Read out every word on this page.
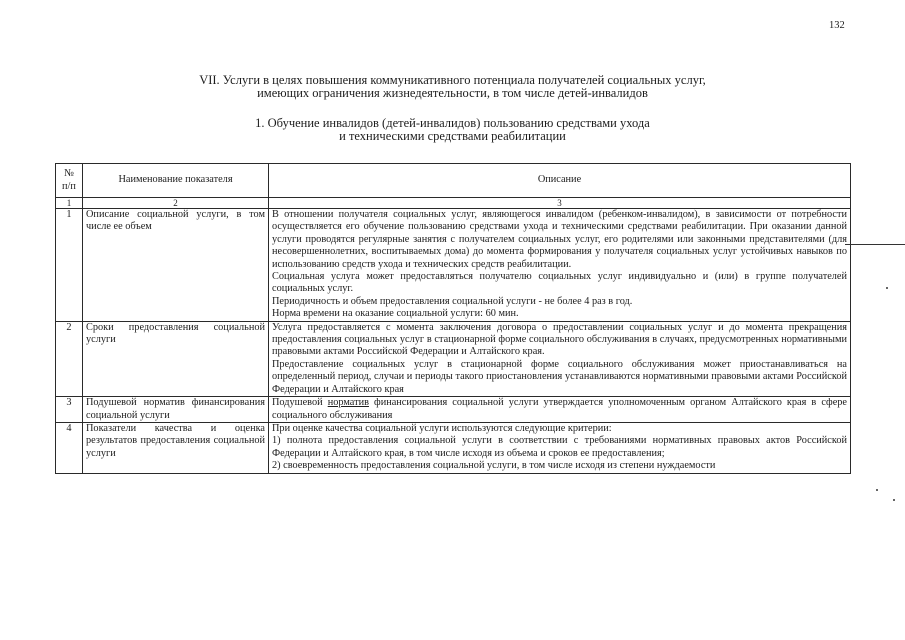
132
VII. Услуги в целях повышения коммуникативного потенциала получателей социальных услуг,
имеющих ограничения жизнедеятельности, в том числе детей-инвалидов
1. Обучение инвалидов (детей-инвалидов) пользованию средствами ухода
и техническими средствами реабилитации
№ п/п	Наименование показателя	Описание
1	2	3
1	Описание социальной услуги, в том числе ее объем	В отношении получателя социальных услуг, являющегося инвалидом (ребенком-инвалидом), в зависимости от потребности осуществляется его обучение пользованию средствами ухода и техническими средствами реабилитации. При оказании данной услуги проводятся регулярные занятия с получателем социальных услуг, его родителями или законными представителями (для несовершеннолетних, воспитываемых дома) до момента формирования у получателя социальных услуг устойчивых навыков по использованию средств ухода и технических средств реабилитации.

Социальная услуга может предоставляться получателю социальных услуг индивидуально и (или) в группе получателей социальных услуг.

Периодичность и объем предоставления социальной услуги - не более 4 раз в год.

Норма времени на оказание социальной услуги: 60 мин.

2	Сроки предоставления социальной услуги	Услуга предоставляется с момента заключения договора о предоставлении социальных услуг и до момента прекращения предоставления социальных услуг в стационарной форме социального обслуживания в случаях, предусмотренных нормативными правовыми актами Российской Федерации и Алтайского края.

Предоставление социальных услуг в стационарной форме социального обслуживания может приостанавливаться на определенный период, случаи и периоды такого приостановления устанавливаются нормативными правовыми актами Российской Федерации и Алтайского края

3	Подушевой норматив финансирования социальной услуги	Подушевой норматив финансирования социальной услуги утверждается уполномоченным органом Алтайского края в сфере социального обслуживания

4	Показатели качества и оценка результатов предоставления социальной услуги	При оценке качества социальной услуги используются следующие критерии:

1) полнота предоставления социальной услуги в соответствии с требованиями нормативных правовых актов Российской Федерации и Алтайского края, в том числе исходя из объема и сроков ее предоставления;

2) своевременность предоставления социальной услуги, в том числе исходя из степени нуждаемости
